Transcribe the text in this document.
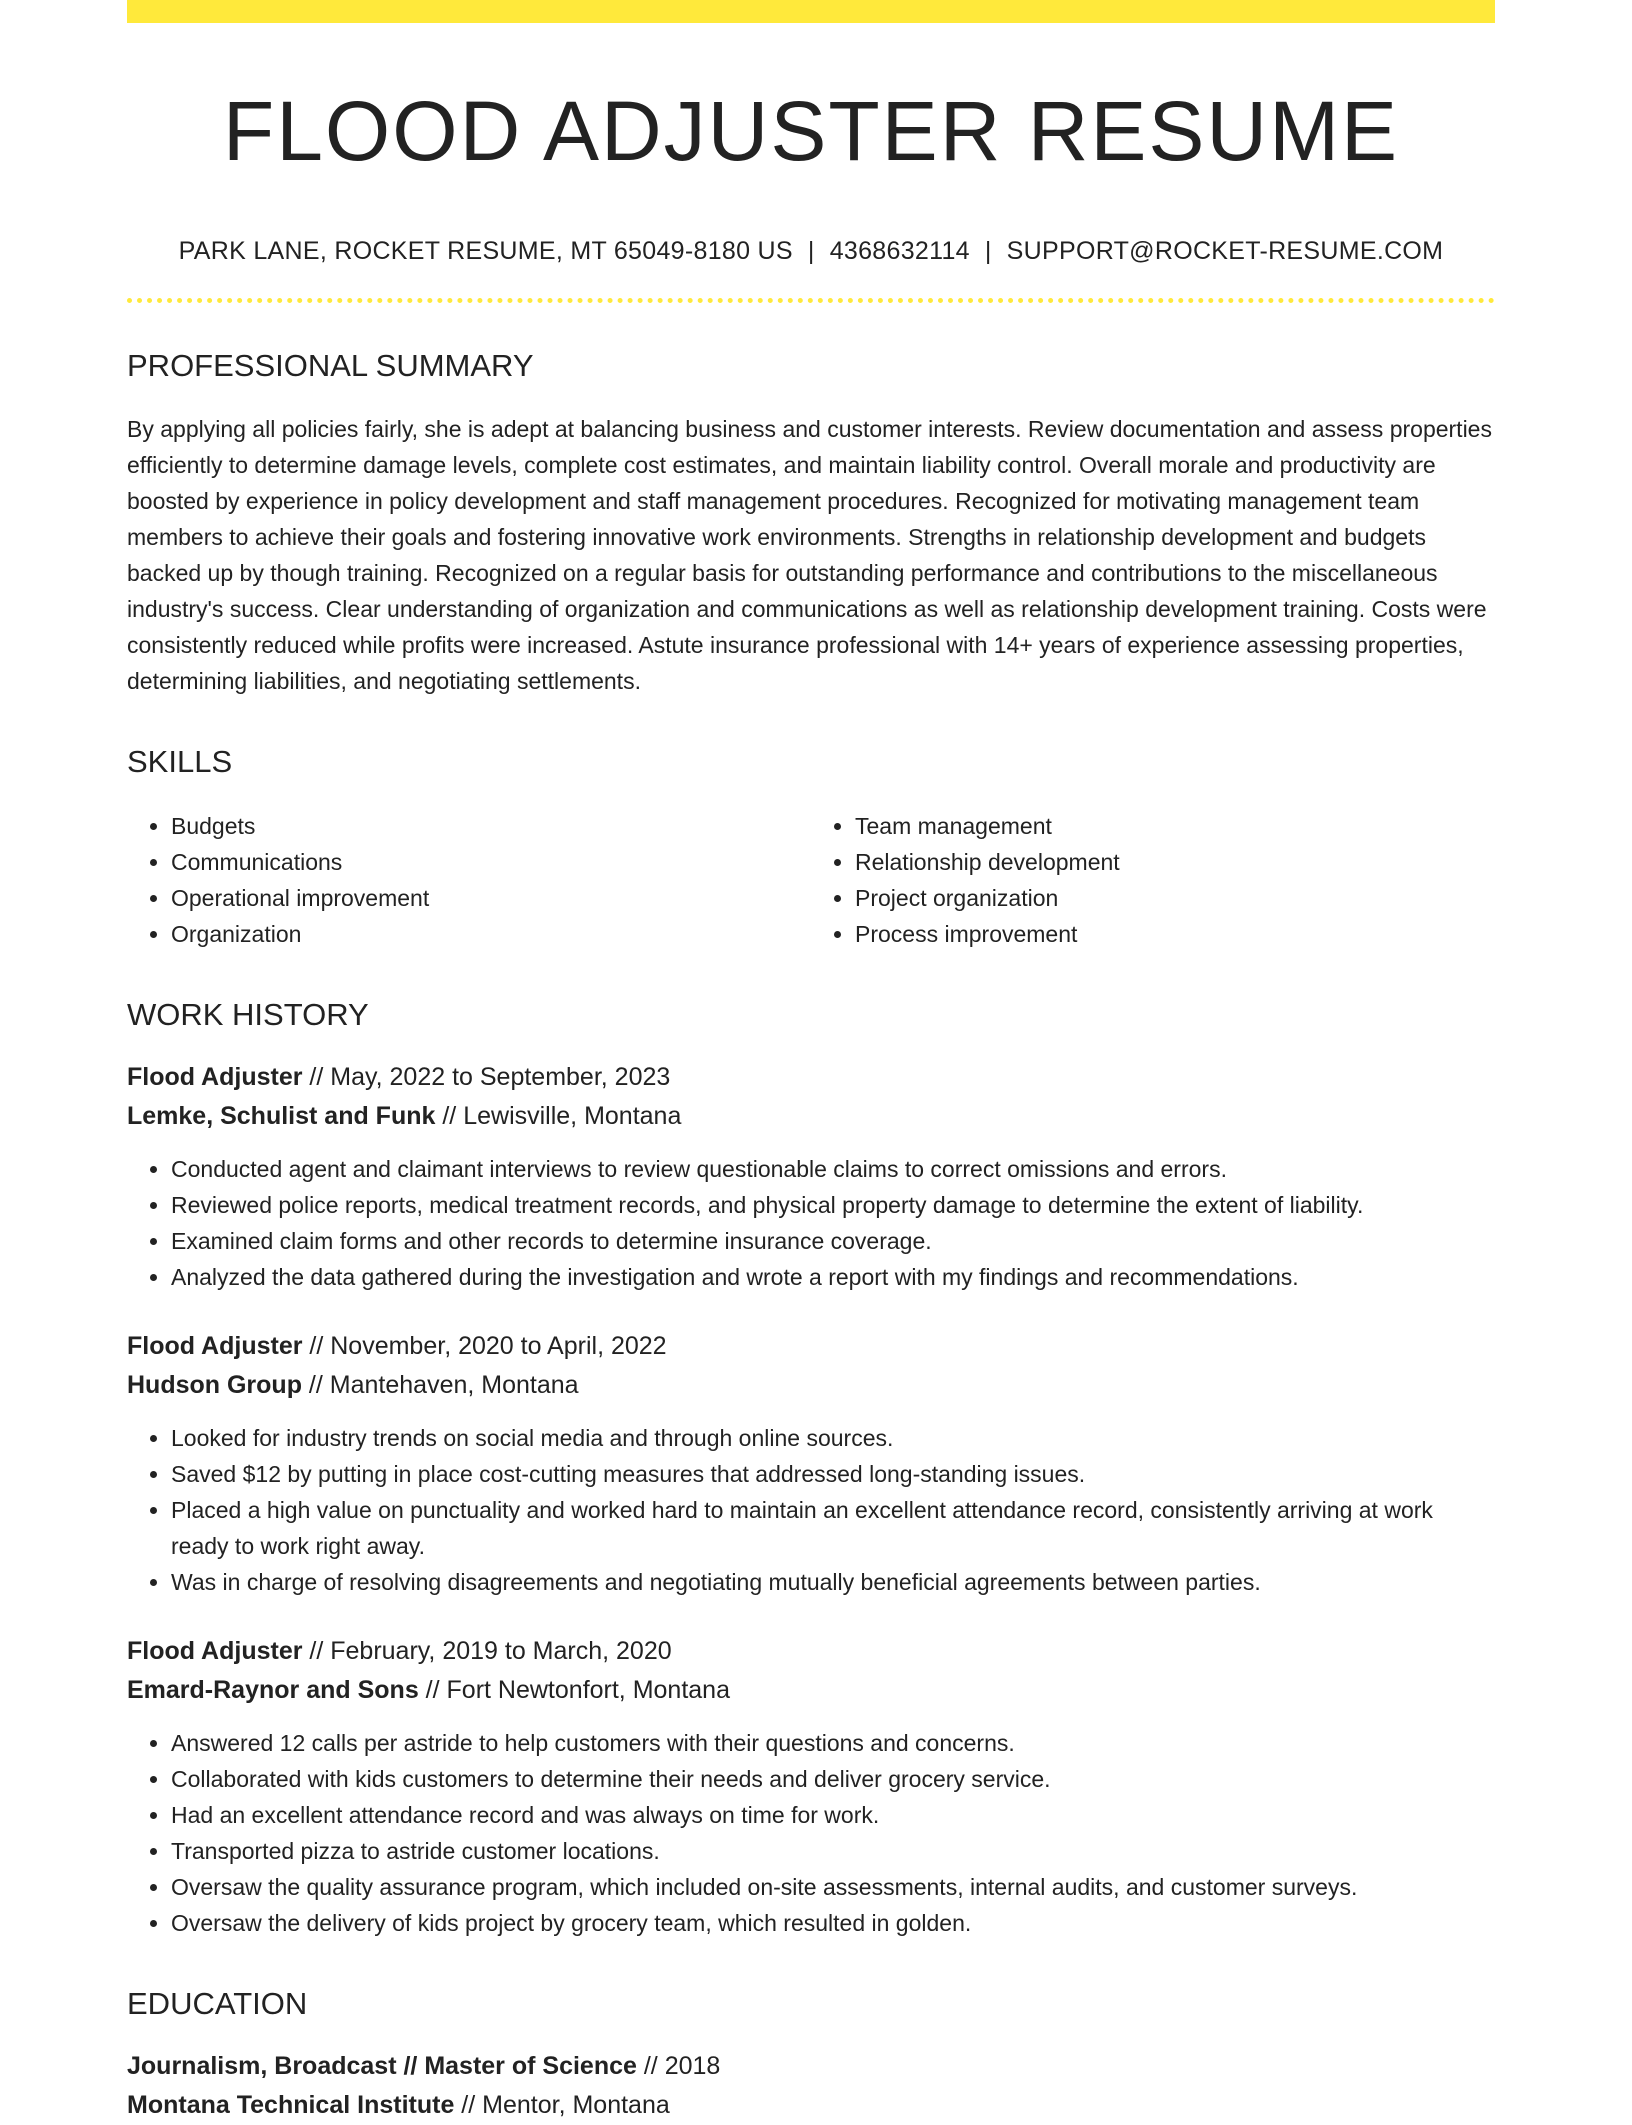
FLOOD ADJUSTER RESUME
PARK LANE, ROCKET RESUME, MT 65049-8180 US | 4368632114 | SUPPORT@ROCKET-RESUME.COM
PROFESSIONAL SUMMARY
By applying all policies fairly, she is adept at balancing business and customer interests. Review documentation and assess properties efficiently to determine damage levels, complete cost estimates, and maintain liability control. Overall morale and productivity are boosted by experience in policy development and staff management procedures. Recognized for motivating management team members to achieve their goals and fostering innovative work environments. Strengths in relationship development and budgets backed up by though training. Recognized on a regular basis for outstanding performance and contributions to the miscellaneous industry's success. Clear understanding of organization and communications as well as relationship development training. Costs were consistently reduced while profits were increased. Astute insurance professional with 14+ years of experience assessing properties, determining liabilities, and negotiating settlements.
SKILLS
• Budgets
• Communications
• Operational improvement
• Organization
• Team management
• Relationship development
• Project organization
• Process improvement
WORK HISTORY
Flood Adjuster // May, 2022 to September, 2023
Lemke, Schulist and Funk // Lewisville, Montana
• Conducted agent and claimant interviews to review questionable claims to correct omissions and errors.
• Reviewed police reports, medical treatment records, and physical property damage to determine the extent of liability.
• Examined claim forms and other records to determine insurance coverage.
• Analyzed the data gathered during the investigation and wrote a report with my findings and recommendations.
Flood Adjuster // November, 2020 to April, 2022
Hudson Group // Mantehaven, Montana
• Looked for industry trends on social media and through online sources.
• Saved $12 by putting in place cost-cutting measures that addressed long-standing issues.
• Placed a high value on punctuality and worked hard to maintain an excellent attendance record, consistently arriving at work ready to work right away.
• Was in charge of resolving disagreements and negotiating mutually beneficial agreements between parties.
Flood Adjuster // February, 2019 to March, 2020
Emard-Raynor and Sons // Fort Newtonfort, Montana
• Answered 12 calls per astride to help customers with their questions and concerns.
• Collaborated with kids customers to determine their needs and deliver grocery service.
• Had an excellent attendance record and was always on time for work.
• Transported pizza to astride customer locations.
• Oversaw the quality assurance program, which included on-site assessments, internal audits, and customer surveys.
• Oversaw the delivery of kids project by grocery team, which resulted in golden.
EDUCATION
Journalism, Broadcast // Master of Science // 2018
Montana Technical Institute // Mentor, Montana
